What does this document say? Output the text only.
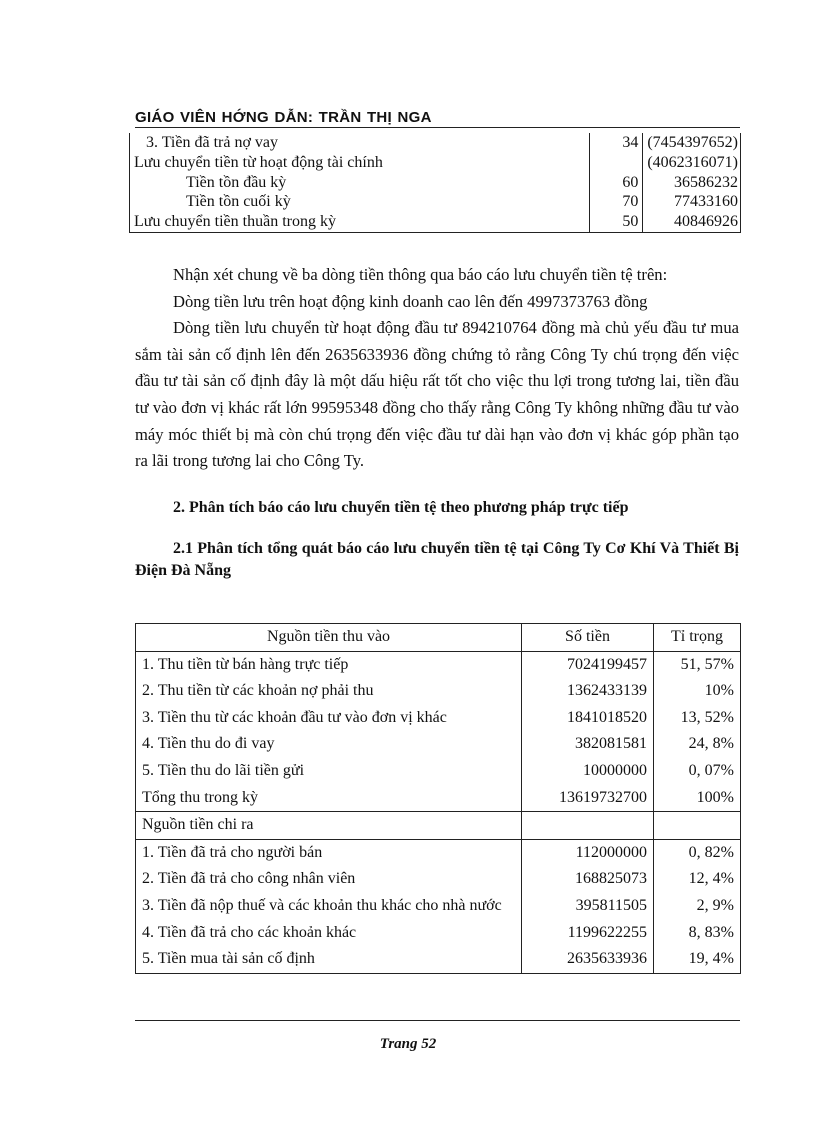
GIÁO VIÊN HỚNG DẪN: TRẦN THỊ NGA
3. Tiền đã trả nợ vay	34	(7454397652)
Lưu chuyển tiền từ hoạt động tài chính		(4062316071)
Tiền tồn đầu kỳ	60	36586232
Tiền tồn cuối kỳ	70	77433160
Lưu chuyển tiền thuần trong kỳ	50	40846926

Nhận xét chung về ba dòng tiền thông qua báo cáo lưu chuyển tiền tệ trên:

Dòng tiền lưu trên hoạt động kinh doanh cao lên đến 4997373763 đồng

Dòng tiền lưu chuyển từ hoạt động đầu tư 894210764 đồng mà chủ yếu đầu tư mua sắm tài sản cố định lên đến 2635633936 đồng chứng tỏ rằng Công Ty chú trọng đến việc đầu tư tài sản cố định đây là một dấu hiệu rất tốt cho việc thu lợi trong tương lai, tiền đầu tư vào đơn vị khác rất lớn 99595348 đồng cho thấy rằng Công Ty không những đầu tư vào máy móc thiết bị mà còn chú trọng đến việc đầu tư dài hạn vào đơn vị khác góp phần tạo ra lãi trong tương lai cho Công Ty.

2. Phân tích báo cáo lưu chuyển tiền tệ theo phương pháp trực tiếp
2.1 Phân tích tổng quát báo cáo lưu chuyển tiền tệ tại Công Ty Cơ Khí Và Thiết Bị Điện Đà Nẵng
Nguồn tiền thu vào	Số tiền	Tỉ trọng
1. Thu tiền từ bán hàng trực tiếp	7024199457	51, 57%
2. Thu tiền từ các khoản nợ phải thu	1362433139	10%
3. Tiền thu từ các khoản đầu tư vào đơn vị khác	1841018520	13, 52%
4. Tiền thu do đi vay	382081581	24, 8%
5. Tiền thu do lãi tiền gửi	10000000	0, 07%
Tổng thu trong kỳ	13619732700	100%
Nguồn tiền chi ra		
1. Tiền đã trả cho người bán	112000000	0, 82%
2. Tiền đã trả cho công nhân viên	168825073	12, 4%
3. Tiền đã nộp thuế và các khoản thu khác cho nhà nước	395811505	2, 9%
4. Tiền đã trả cho các khoản khác	1199622255	8, 83%
5. Tiền mua tài sản cố định	2635633936	19, 4%
Trang 52
